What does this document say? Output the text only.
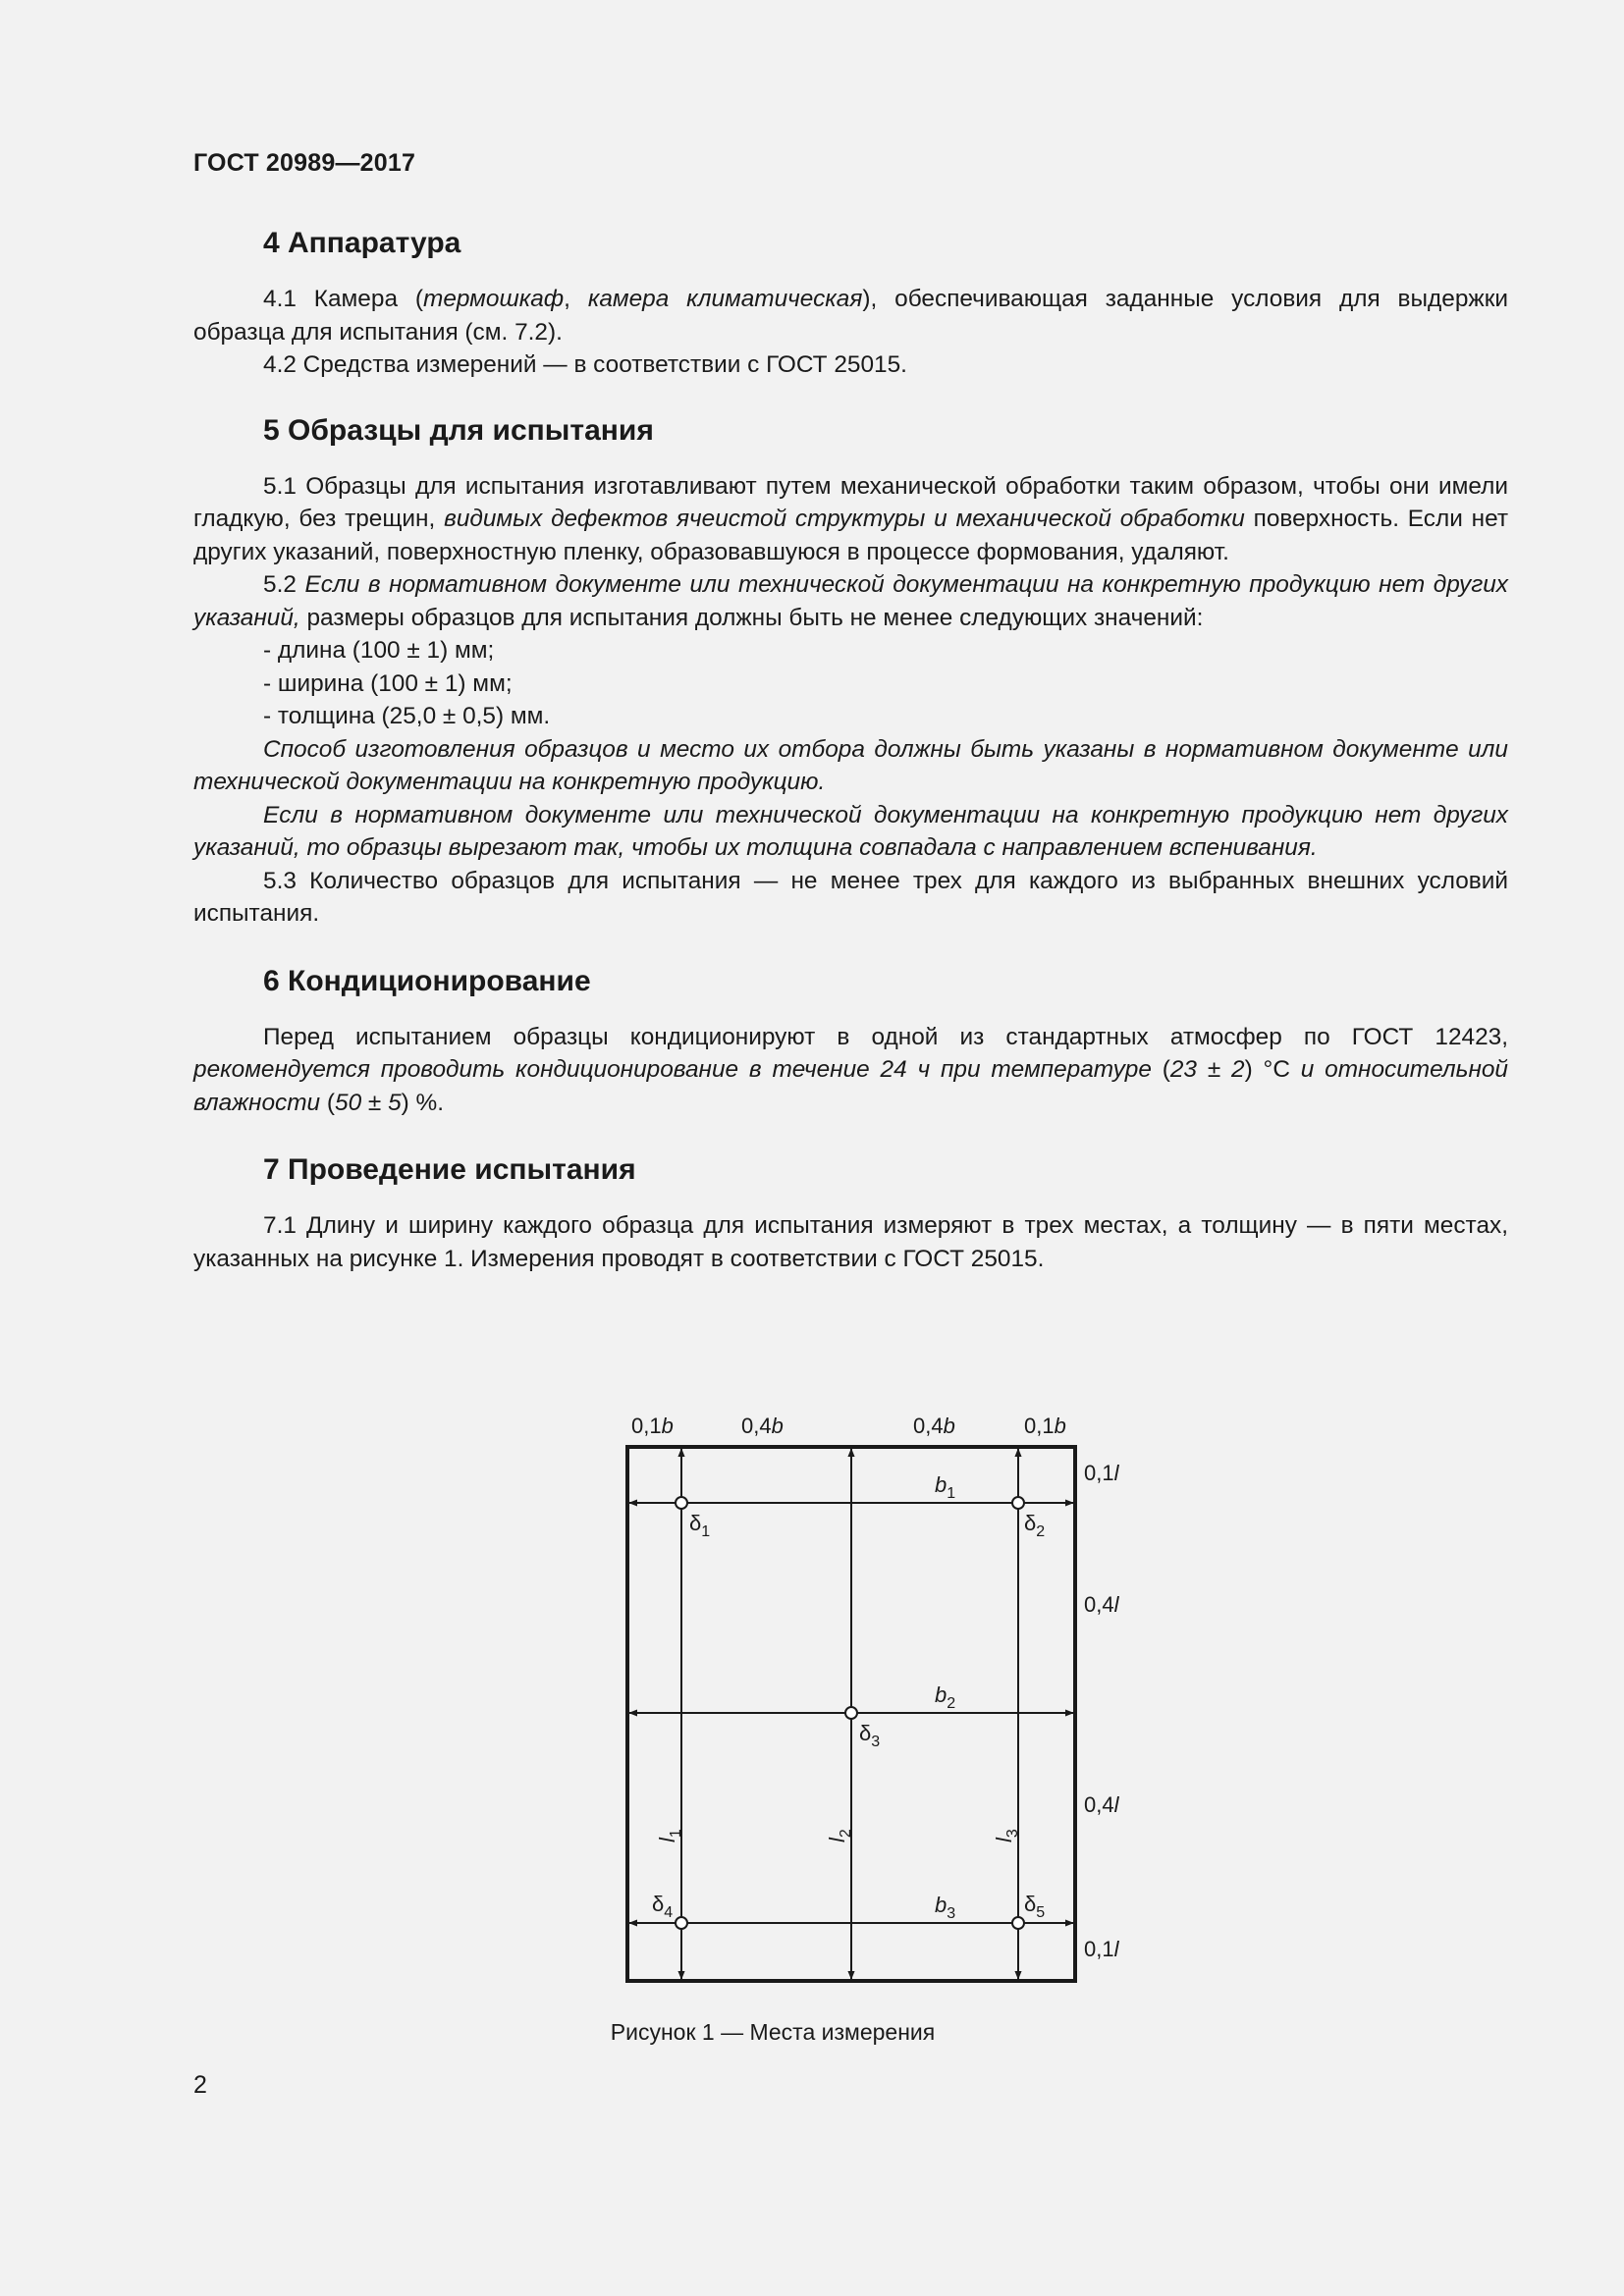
ГОСТ 20989—2017
4 Аппаратура

4.1 Камера (термошкаф, камера климатическая), обеспечивающая заданные условия для выдержки образца для испытания (см. 7.2).

4.2 Средства измерений — в соответствии с ГОСТ 25015.

5 Образцы для испытания

5.1 Образцы для испытания изготавливают путем механической обработки таким образом, чтобы они имели гладкую, без трещин, видимых дефектов ячеистой структуры и механической обработки поверхность. Если нет других указаний, поверхностную пленку, образовавшуюся в процессе формования, удаляют.

5.2 Если в нормативном документе или технической документации на конкретную продукцию нет других указаний, размеры образцов для испытания должны быть не менее следующих значений:

- длина (100 ± 1) мм;

- ширина (100 ± 1) мм;

- толщина (25,0 ± 0,5) мм.

Способ изготовления образцов и место их отбора должны быть указаны в нормативном документе или технической документации на конкретную продукцию.

Если в нормативном документе или технической документации на конкретную продукцию нет других указаний, то образцы вырезают так, чтобы их толщина совпадала с направлением вспенивания.

5.3 Количество образцов для испытания — не менее трех для каждого из выбранных внешних условий испытания.

6 Кондиционирование

Перед испытанием образцы кондиционируют в одной из стандартных атмосфер по ГОСТ 12423, рекомендуется проводить кондиционирование в течение 24 ч при температуре (23 ± 2) °С и относительной влажности (50 ± 5) %.

7 Проведение испытания

7.1 Длину и ширину каждого образца для испытания измеряют в трех местах, а толщину — в пяти местах, указанных на рисунке 1. Измерения проводят в соответствии с ГОСТ 25015.

0,1b	0,4b	0,4b	0,1b
0,1l
0,4l
0,4l
0,1l
$b_1$
$b_2$
$b_3$
$\delta_1$	$\delta_2$
$\delta_3$
$\delta_4$	$\delta_5$
$l_1$
$l_2$
$l_3$
Рисунок 1 — Места измерения
2
